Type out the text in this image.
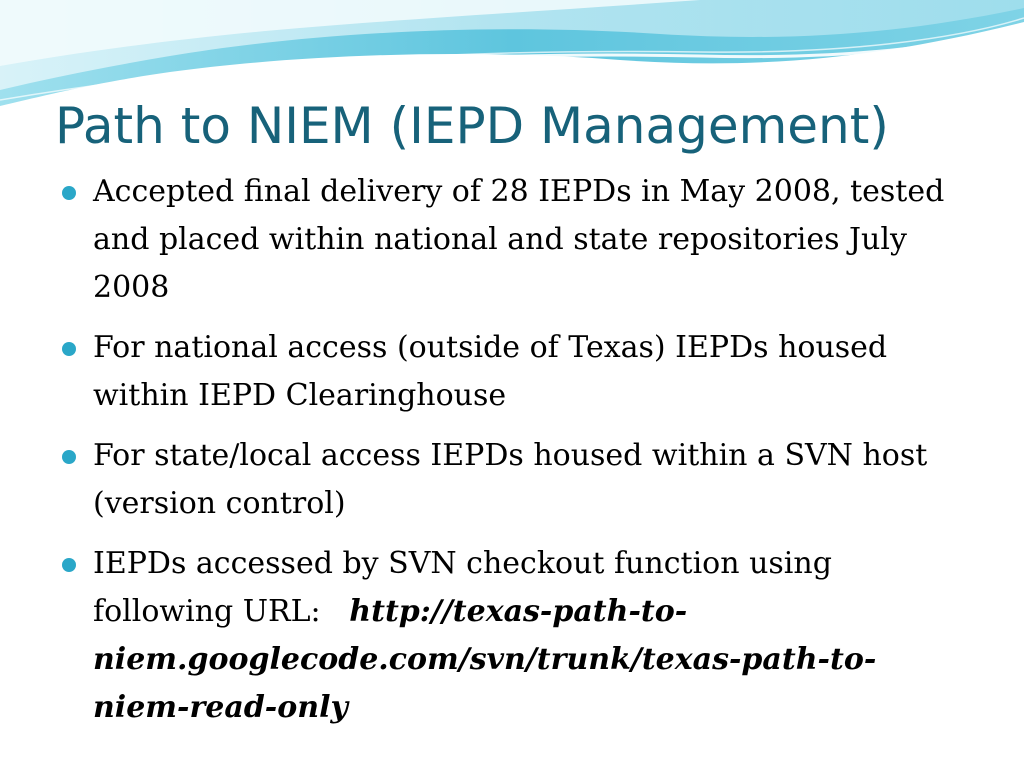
Path to NIEM (IEPD Management)
Accepted final delivery of 28 IEPDs in May 2008, tested and placed within national and state repositories July 2008
For national access (outside of Texas) IEPDs housed within IEPD Clearinghouse
For state/local access IEPDs housed within a SVN host (version control)
IEPDs accessed by SVN checkout function using following URL: http://texas-path-to-niem.googlecode.com/svn/trunk/texas-path-to-niem-read-only
